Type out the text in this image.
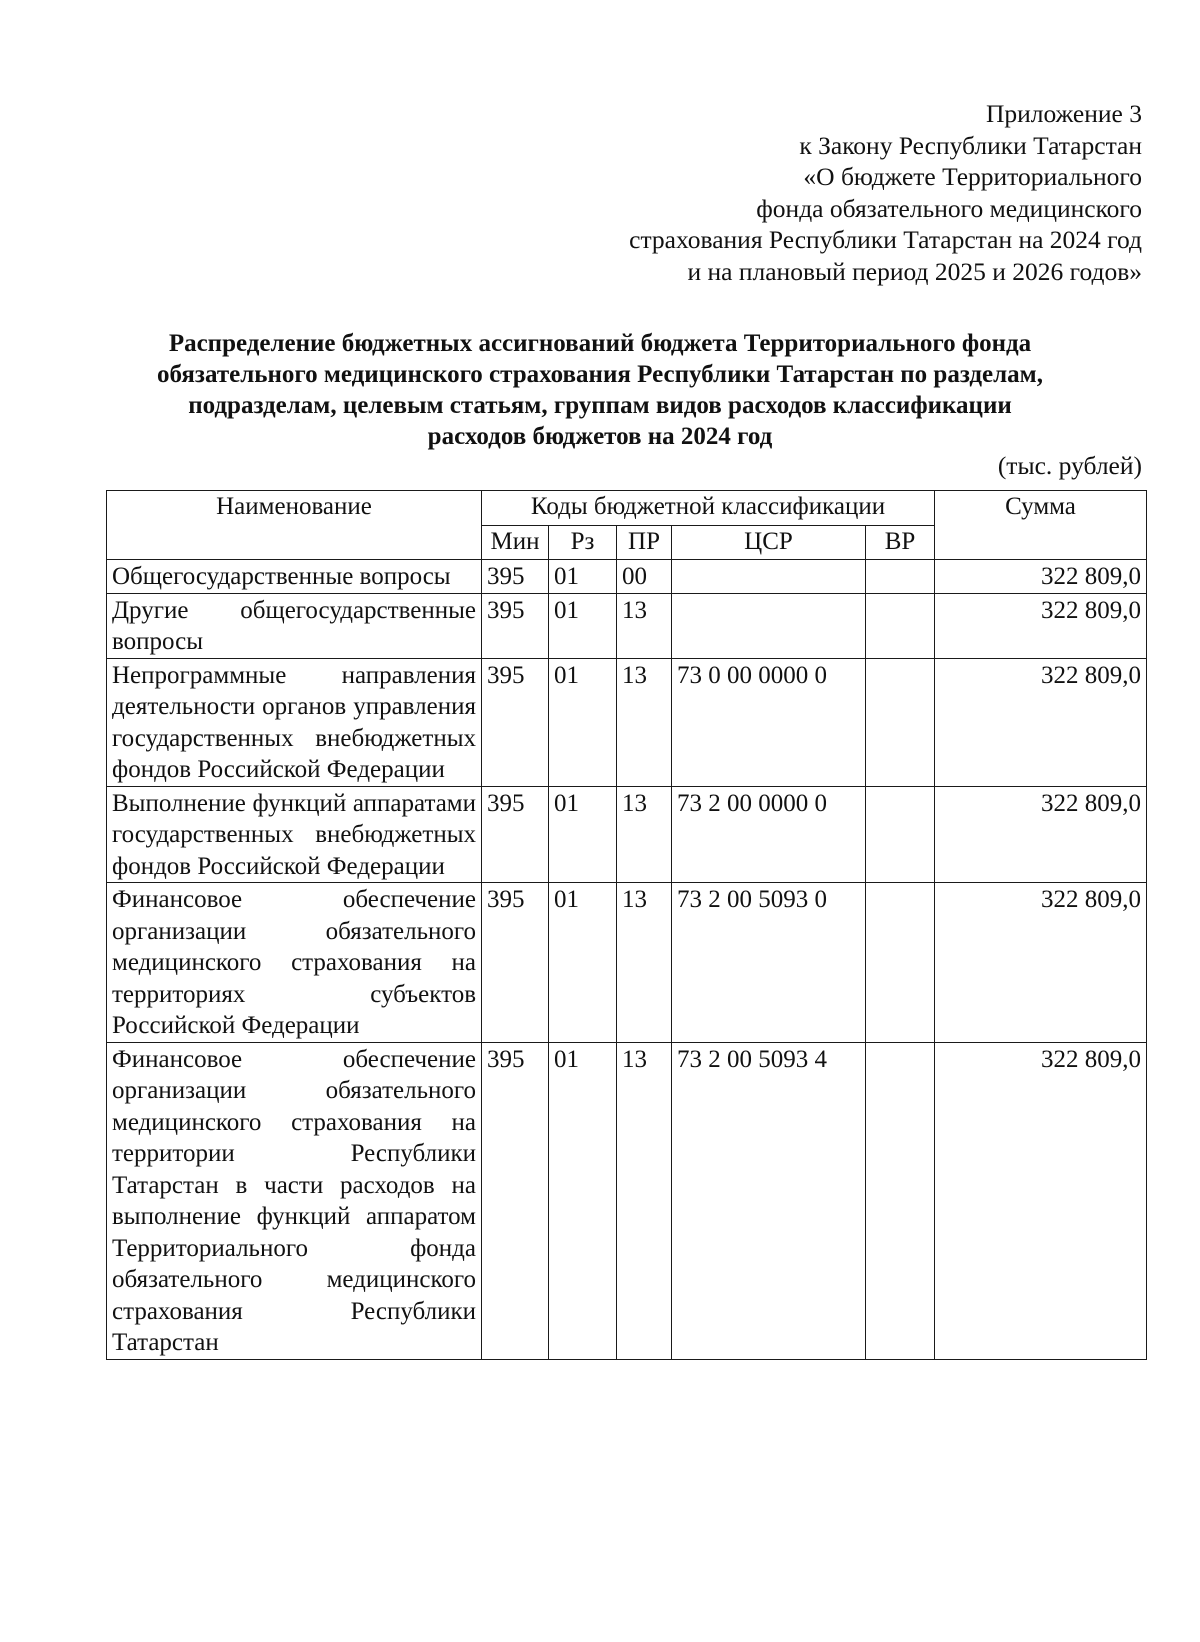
Приложение 3
к Закону Республики Татарстан
«О бюджете Территориального
фонда обязательного медицинского
страхования Республики Татарстан на 2024 год
и на плановый период 2025 и 2026 годов»
Распределение бюджетных ассигнований бюджета Территориального фонда
обязательного медицинского страхования Республики Татарстан по разделам,
подразделам, целевым статьям, группам видов расходов классификации
расходов бюджетов на 2024 год
(тыс. рублей)
Наименование	Коды бюджетной классификации					Сумма
	Мин	Рз	ПР	ЦСР	ВР	
Общегосударственные вопросы	395	01	00			322 809,0
Другие общегосударственные вопросы	395	01	13			322 809,0
Непрограммные направления деятельности органов управления государственных внебюджетных фондов Российской Федерации	395	01	13	73 0 00 0000 0		322 809,0
Выполнение функций аппаратами государственных внебюджетных фондов Российской Федерации	395	01	13	73 2 00 0000 0		322 809,0
Финансовое обеспечение организации обязательного медицинского страхования на территориях субъектов Российской Федерации	395	01	13	73 2 00 5093 0		322 809,0
Финансовое обеспечение организации обязательного медицинского страхования на территории Республики Татарстан в части расходов на выполнение функций аппаратом Территориального фонда обязательного медицинского страхования Республики Татарстан	395	01	13	73 2 00 5093 4		322 809,0
